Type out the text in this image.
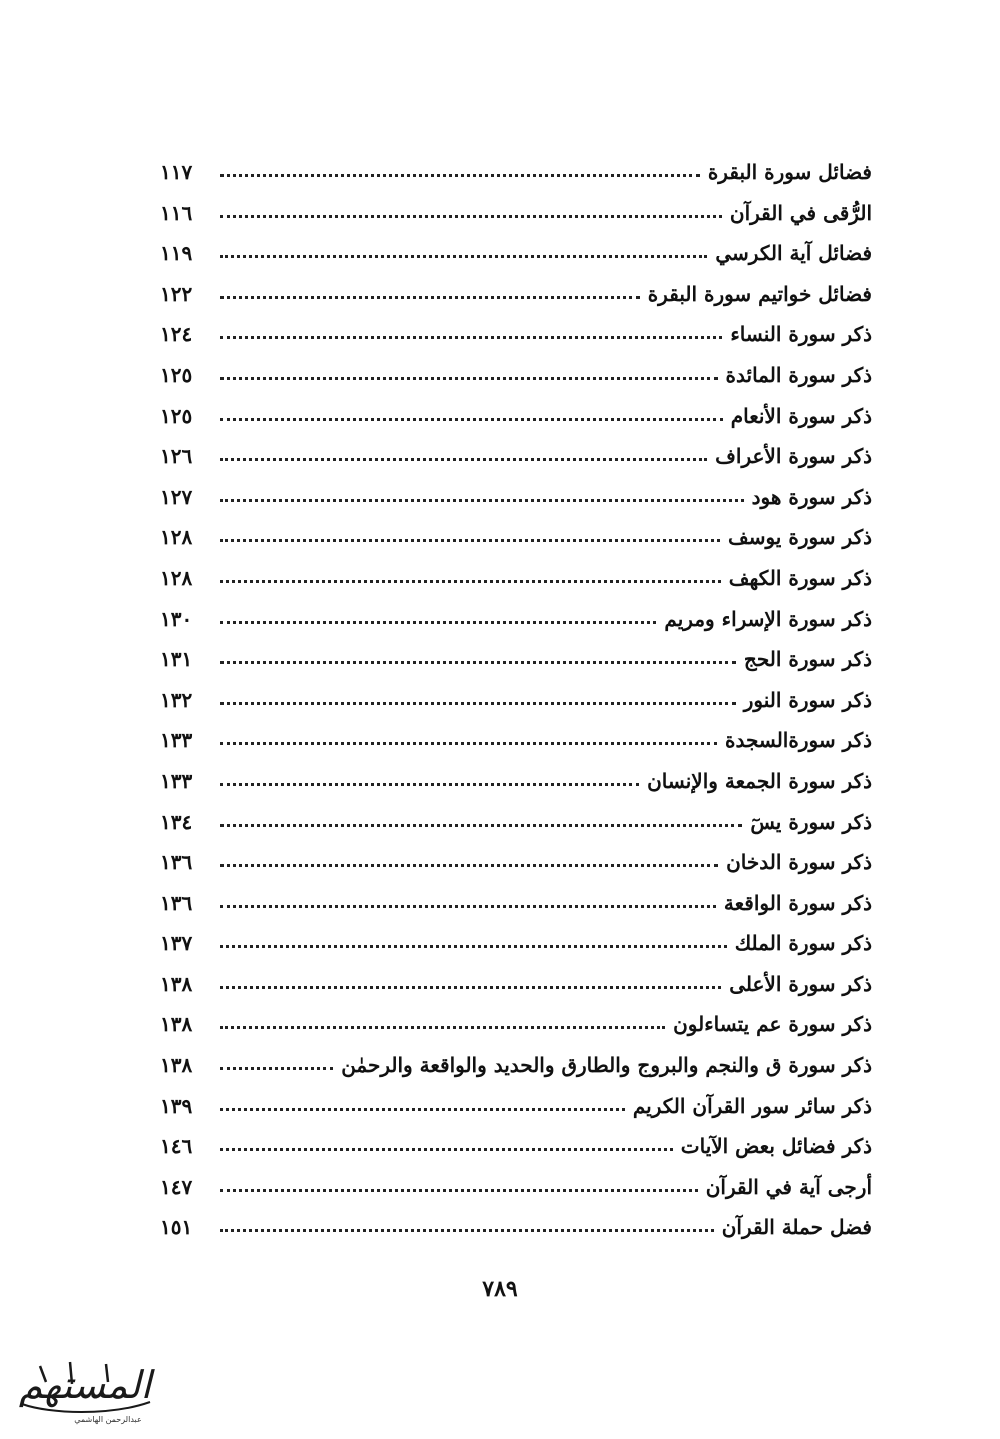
فضائل سورة البقرة
١١٧
الرُّقى في القرآن
١١٦
فضائل آية الكرسي
١١٩
فضائل خواتيم سورة البقرة
١٢٢
ذكر سورة النساء
١٢٤
ذكر سورة المائدة
١٢٥
ذكر سورة الأنعام
١٢٥
ذكر سورة الأعراف
١٢٦
ذكر سورة هود
١٢٧
ذكر سورة يوسف
١٢٨
ذكر سورة الكهف
١٢٨
ذكر سورة الإسراء ومريم
١٣٠
ذكر سورة الحج
١٣١
ذكر سورة النور
١٣٢
ذكر سورةالسجدة
١٣٣
ذكر سورة الجمعة والإنسان
١٣٣
ذكر سورة يسٓ
١٣٤
ذكر سورة الدخان
١٣٦
ذكر سورة الواقعة
١٣٦
ذكر سورة الملك
١٣٧
ذكر سورة الأعلى
١٣٨
ذكر سورة عم يتساءلون
١٣٨
ذكر سورة ق والنجم والبروج والطارق والحديد والواقعة والرحمٰن
١٣٨
ذكر سائر سور القرآن الكريم
١٣٩
ذكر فضائل بعض الآيات
١٤٦
أرجى آية في القرآن
١٤٧
فضل حملة القرآن
١٥١
٧٨٩
المستهم
عبدالرحمن الهاشمي
